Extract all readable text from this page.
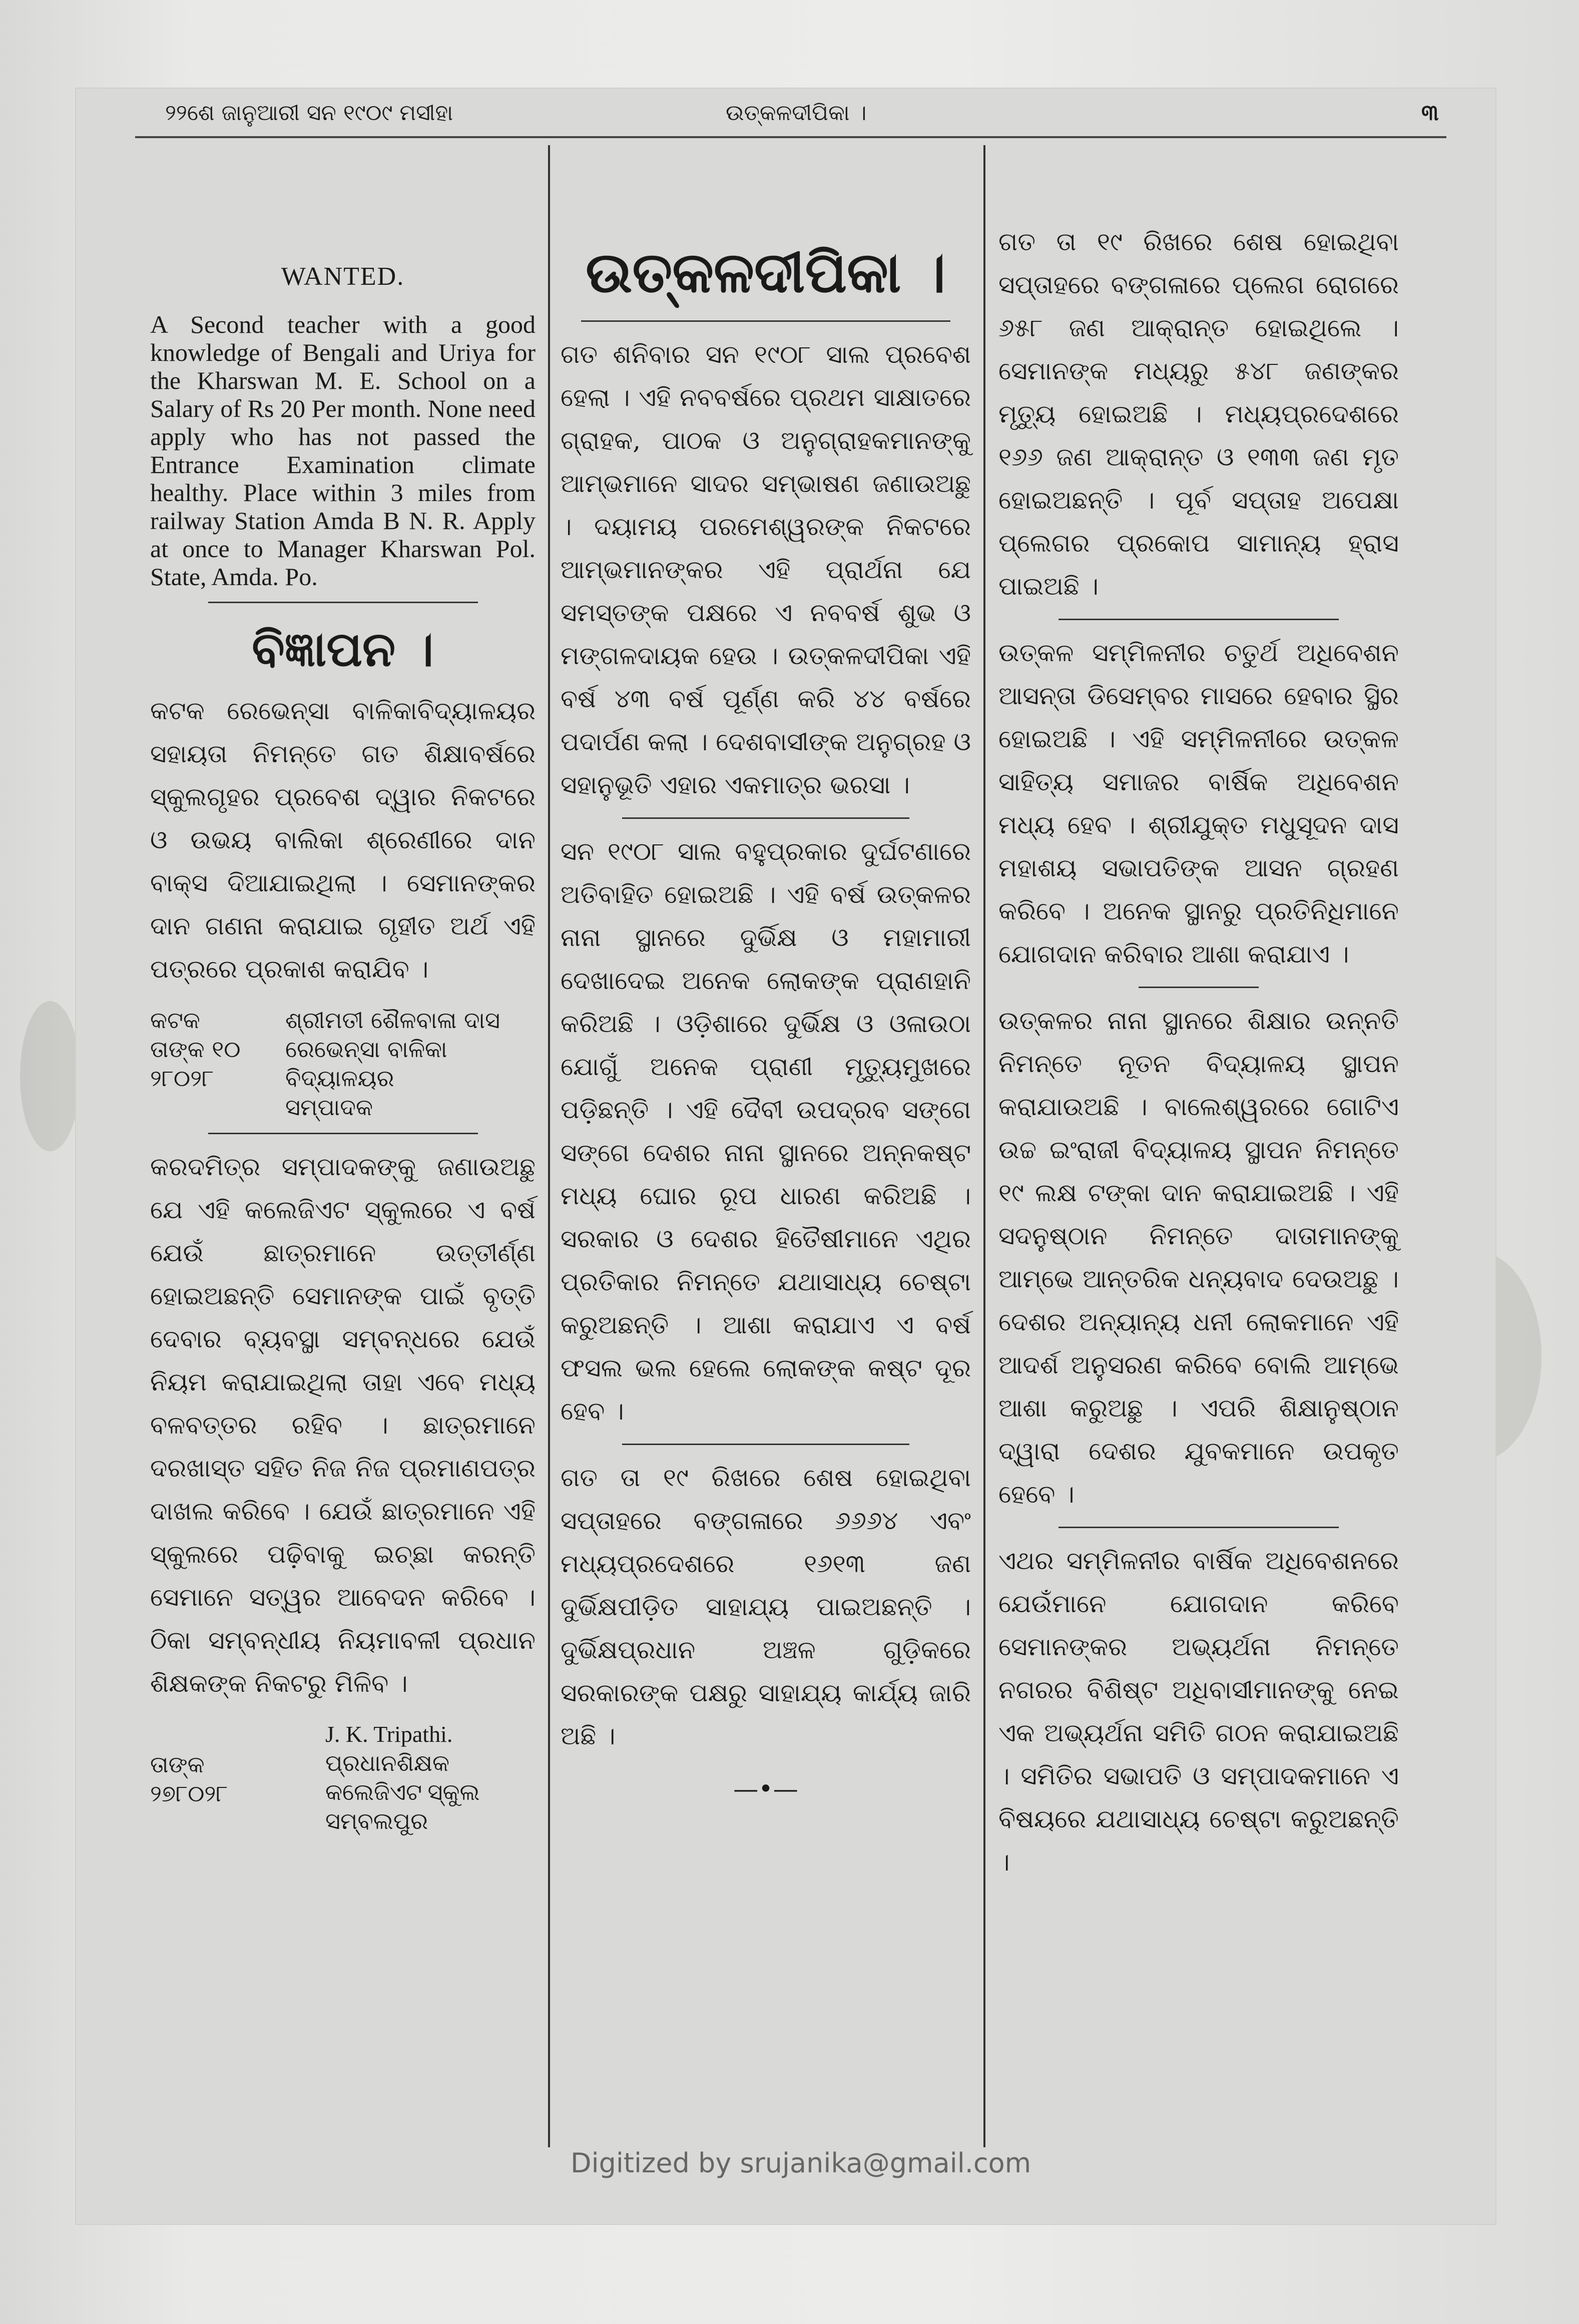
୨୨ଶେ ଜାନୁଆରୀ ସନ ୧୯୦୯ ମସୀହା	ଉତ୍କଳଦୀପିକା ।	୩
WANTED.

A Second teacher with a good knowledge of Bengali and Uriya for the Kharswan M. E. School on a Salary of Rs 20 Per month. None need apply who has not passed the Entrance Examination climate healthy. Place within 3 miles from railway Station Amda B N. R. Apply at once to Manager Kharswan Pol. State, Amda. Po.

ବିଜ୍ଞାପନ ।

କଟକ ରେଭେନ୍ସା ବାଳିକାବିଦ୍ୟାଳୟର ସହାୟତା ନିମନ୍ତେ ଗତ ଶିକ୍ଷାବର୍ଷରେ ସ୍କୁଲଗୃହର ପ୍ରବେଶ ଦ୍ୱାର ନିକଟରେ ଓ ଉଭୟ ବାଲିକା ଶ୍ରେଣୀରେ ଦାନ ବାକ୍ସ ଦିଆଯାଇଥିଲା । ସେମାନଙ୍କର ଦାନ ଗଣନା କରାଯାଇ ଗୃହୀତ ଅର୍ଥ ଏହି ପତ୍ରରେ ପ୍ରକାଶ କରାଯିବ ।

କଟକ
ତାଙ୍କ ୧୦
୨୮୦୨୮
ଶ୍ରୀମତୀ ଶୈଳବାଳା ଦାସ
ରେଭେନ୍ସା ବାଳିକା ବିଦ୍ୟାଳୟର
ସମ୍ପାଦକ

କରଦମିତ୍ର ସମ୍ପାଦକଙ୍କୁ ଜଣାଉଅଛୁ ଯେ ଏହି କଲେଜିଏଟ ସ୍କୁଲରେ ଏ ବର୍ଷ ଯେଉଁ ଛାତ୍ରମାନେ ଉତ୍ତୀର୍ଣ୍ଣ ହୋଇଅଛନ୍ତି ସେମାନଙ୍କ ପାଇଁ ବୃତ୍ତି ଦେବାର ବ୍ୟବସ୍ଥା ସମ୍ବନ୍ଧରେ ଯେଉଁ ନିୟମ କରାଯାଇଥିଲା ତାହା ଏବେ ମଧ୍ୟ ବଳବତ୍ତର ରହିବ । ଛାତ୍ରମାନେ ଦରଖାସ୍ତ ସହିତ ନିଜ ନିଜ ପ୍ରମାଣପତ୍ର ଦାଖଲ କରିବେ । ଯେଉଁ ଛାତ୍ରମାନେ ଏହି ସ୍କୁଲରେ ପଢ଼ିବାକୁ ଇଚ୍ଛା କରନ୍ତି ସେମାନେ ସତ୍ୱର ଆବେଦନ କରିବେ । ଠିକା ସମ୍ବନ୍ଧୀୟ ନିୟମାବଳୀ ପ୍ରଧାନ ଶିକ୍ଷକଙ୍କ ନିକଟରୁ ମିଳିବ ।

ତାଙ୍କ ୨୭୮୦୨୮
J. K. Tripathi.
ପ୍ରଧାନଶିକ୍ଷକ
କଲେଜିଏଟ ସ୍କୁଲ
ସମ୍ବଲପୁର
ଉତ୍କଳଦୀପିକା ।

ଗତ ଶନିବାର ସନ ୧୯୦୮ ସାଲ ପ୍ରବେଶ ହେଲା । ଏହି ନବବର୍ଷରେ ପ୍ରଥମ ସାକ୍ଷାତରେ ଗ୍ରାହକ, ପାଠକ ଓ ଅନୁଗ୍ରାହକମାନଙ୍କୁ ଆମ୍ଭମାନେ ସାଦର ସମ୍ଭାଷଣ ଜଣାଉଅଛୁ । ଦୟାମୟ ପରମେଶ୍ୱରଙ୍କ ନିକଟରେ ଆମ୍ଭମାନଙ୍କର ଏହି ପ୍ରାର୍ଥନା ଯେ ସମସ୍ତଙ୍କ ପକ୍ଷରେ ଏ ନବବର୍ଷ ଶୁଭ ଓ ମଙ୍ଗଳଦାୟକ ହେଉ । ଉତ୍କଳଦୀପିକା ଏହି ବର୍ଷ ୪୩ ବର୍ଷ ପୂର୍ଣ୍ଣ କରି ୪୪ ବର୍ଷରେ ପଦାର୍ପଣ କଲା । ଦେଶବାସୀଙ୍କ ଅନୁଗ୍ରହ ଓ ସହାନୁଭୂତି ଏହାର ଏକମାତ୍ର ଭରସା ।

ସନ ୧୯୦୮ ସାଲ ବହୁପ୍ରକାର ଦୁର୍ଘଟଣାରେ ଅତିବାହିତ ହୋଇଅଛି । ଏହି ବର୍ଷ ଉତ୍କଳର ନାନା ସ୍ଥାନରେ ଦୁର୍ଭିକ୍ଷ ଓ ମହାମାରୀ ଦେଖାଦେଇ ଅନେକ ଲୋକଙ୍କ ପ୍ରାଣହାନି କରିଅଛି । ଓଡ଼ିଶାରେ ଦୁର୍ଭିକ୍ଷ ଓ ଓଳାଉଠା ଯୋଗୁଁ ଅନେକ ପ୍ରାଣୀ ମୃତ୍ୟୁମୁଖରେ ପଡ଼ିଛନ୍ତି । ଏହି ଦୈବୀ ଉପଦ୍ରବ ସଙ୍ଗେ ସଙ୍ଗେ ଦେଶର ନାନା ସ୍ଥାନରେ ଅନ୍ନକଷ୍ଟ ମଧ୍ୟ ଘୋର ରୂପ ଧାରଣ କରିଅଛି । ସରକାର ଓ ଦେଶର ହିତୈଷୀମାନେ ଏଥିର ପ୍ରତିକାର ନିମନ୍ତେ ଯଥାସାଧ୍ୟ ଚେଷ୍ଟା କରୁଅଛନ୍ତି । ଆଶା କରାଯାଏ ଏ ବର୍ଷ ଫସଲ ଭଲ ହେଲେ ଲୋକଙ୍କ କଷ୍ଟ ଦୂର ହେବ ।

ଗତ ତା ୧୯ ରିଖରେ ଶେଷ ହୋଇଥିବା ସପ୍ତାହରେ ବଙ୍ଗଳାରେ ୬୬୬୪ ଏବଂ ମଧ୍ୟପ୍ରଦେଶରେ ୧୬୧୩ ଜଣ ଦୁର୍ଭିକ୍ଷପୀଡ଼ିତ ସାହାଯ୍ୟ ପାଇଅଛନ୍ତି । ଦୁର୍ଭିକ୍ଷପ୍ରଧାନ ଅଞ୍ଚଳ ଗୁଡ଼ିକରେ ସରକାରଙ୍କ ପକ୍ଷରୁ ସାହାଯ୍ୟ କାର୍ଯ୍ୟ ଜାରି ଅଛି ।

—•—

ଗତ ତା ୧୯ ରିଖରେ ଶେଷ ହୋଇଥିବା ସପ୍ତାହରେ ବଙ୍ଗଳାରେ ପ୍ଲେଗ ରୋଗରେ ୬୫୮ ଜଣ ଆକ୍ରାନ୍ତ ହୋଇଥିଲେ । ସେମାନଙ୍କ ମଧ୍ୟରୁ ୫୪୮ ଜଣଙ୍କର ମୃତ୍ୟୁ ହୋଇଅଛି । ମଧ୍ୟପ୍ରଦେଶରେ ୧୬୬ ଜଣ ଆକ୍ରାନ୍ତ ଓ ୧୩୩ ଜଣ ମୃତ ହୋଇଅଛନ୍ତି । ପୂର୍ବ ସପ୍ତାହ ଅପେକ୍ଷା ପ୍ଲେଗର ପ୍ରକୋପ ସାମାନ୍ୟ ହ୍ରାସ ପାଇଅଛି ।

ଉତ୍କଳ ସମ୍ମିଳନୀର ଚତୁର୍ଥ ଅଧିବେଶନ ଆସନ୍ତା ଡିସେମ୍ବର ମାସରେ ହେବାର ସ୍ଥିର ହୋଇଅଛି । ଏହି ସମ୍ମିଳନୀରେ ଉତ୍କଳ ସାହିତ୍ୟ ସମାଜର ବାର୍ଷିକ ଅଧିବେଶନ ମଧ୍ୟ ହେବ । ଶ୍ରୀଯୁକ୍ତ ମଧୁସୂଦନ ଦାସ ମହାଶୟ ସଭାପତିଙ୍କ ଆସନ ଗ୍ରହଣ କରିବେ । ଅନେକ ସ୍ଥାନରୁ ପ୍ରତିନିଧିମାନେ ଯୋଗଦାନ କରିବାର ଆଶା କରାଯାଏ ।

ଉତ୍କଳର ନାନା ସ୍ଥାନରେ ଶିକ୍ଷାର ଉନ୍ନତି ନିମନ୍ତେ ନୂତନ ବିଦ୍ୟାଳୟ ସ୍ଥାପନ କରାଯାଉଅଛି । ବାଲେଶ୍ୱରରେ ଗୋଟିଏ ଉଚ୍ଚ ଇଂରାଜୀ ବିଦ୍ୟାଳୟ ସ୍ଥାପନ ନିମନ୍ତେ ୧୯ ଲକ୍ଷ ଟଙ୍କା ଦାନ କରାଯାଇଅଛି । ଏହି ସଦନୁଷ୍ଠାନ ନିମନ୍ତେ ଦାତାମାନଙ୍କୁ ଆମ୍ଭେ ଆନ୍ତରିକ ଧନ୍ୟବାଦ ଦେଉଅଛୁ । ଦେଶର ଅନ୍ୟାନ୍ୟ ଧନୀ ଲୋକମାନେ ଏହି ଆଦର୍ଶ ଅନୁସରଣ କରିବେ ବୋଲି ଆମ୍ଭେ ଆଶା କରୁଅଛୁ । ଏପରି ଶିକ୍ଷାନୁଷ୍ଠାନ ଦ୍ୱାରା ଦେଶର ଯୁବକମାନେ ଉପକୃତ ହେବେ ।

ଏଥର ସମ୍ମିଳନୀର ବାର୍ଷିକ ଅଧିବେଶନରେ ଯେଉଁମାନେ ଯୋଗଦାନ କରିବେ ସେମାନଙ୍କର ଅଭ୍ୟର୍ଥନା ନିମନ୍ତେ ନଗରର ବିଶିଷ୍ଟ ଅଧିବାସୀମାନଙ୍କୁ ନେଇ ଏକ ଅଭ୍ୟର୍ଥନା ସମିତି ଗଠନ କରାଯାଇଅଛି । ସମିତିର ସଭାପତି ଓ ସମ୍ପାଦକମାନେ ଏ ବିଷୟରେ ଯଥାସାଧ୍ୟ ଚେଷ୍ଟା କରୁଅଛନ୍ତି ।

Digitized by srujanika@gmail.com
